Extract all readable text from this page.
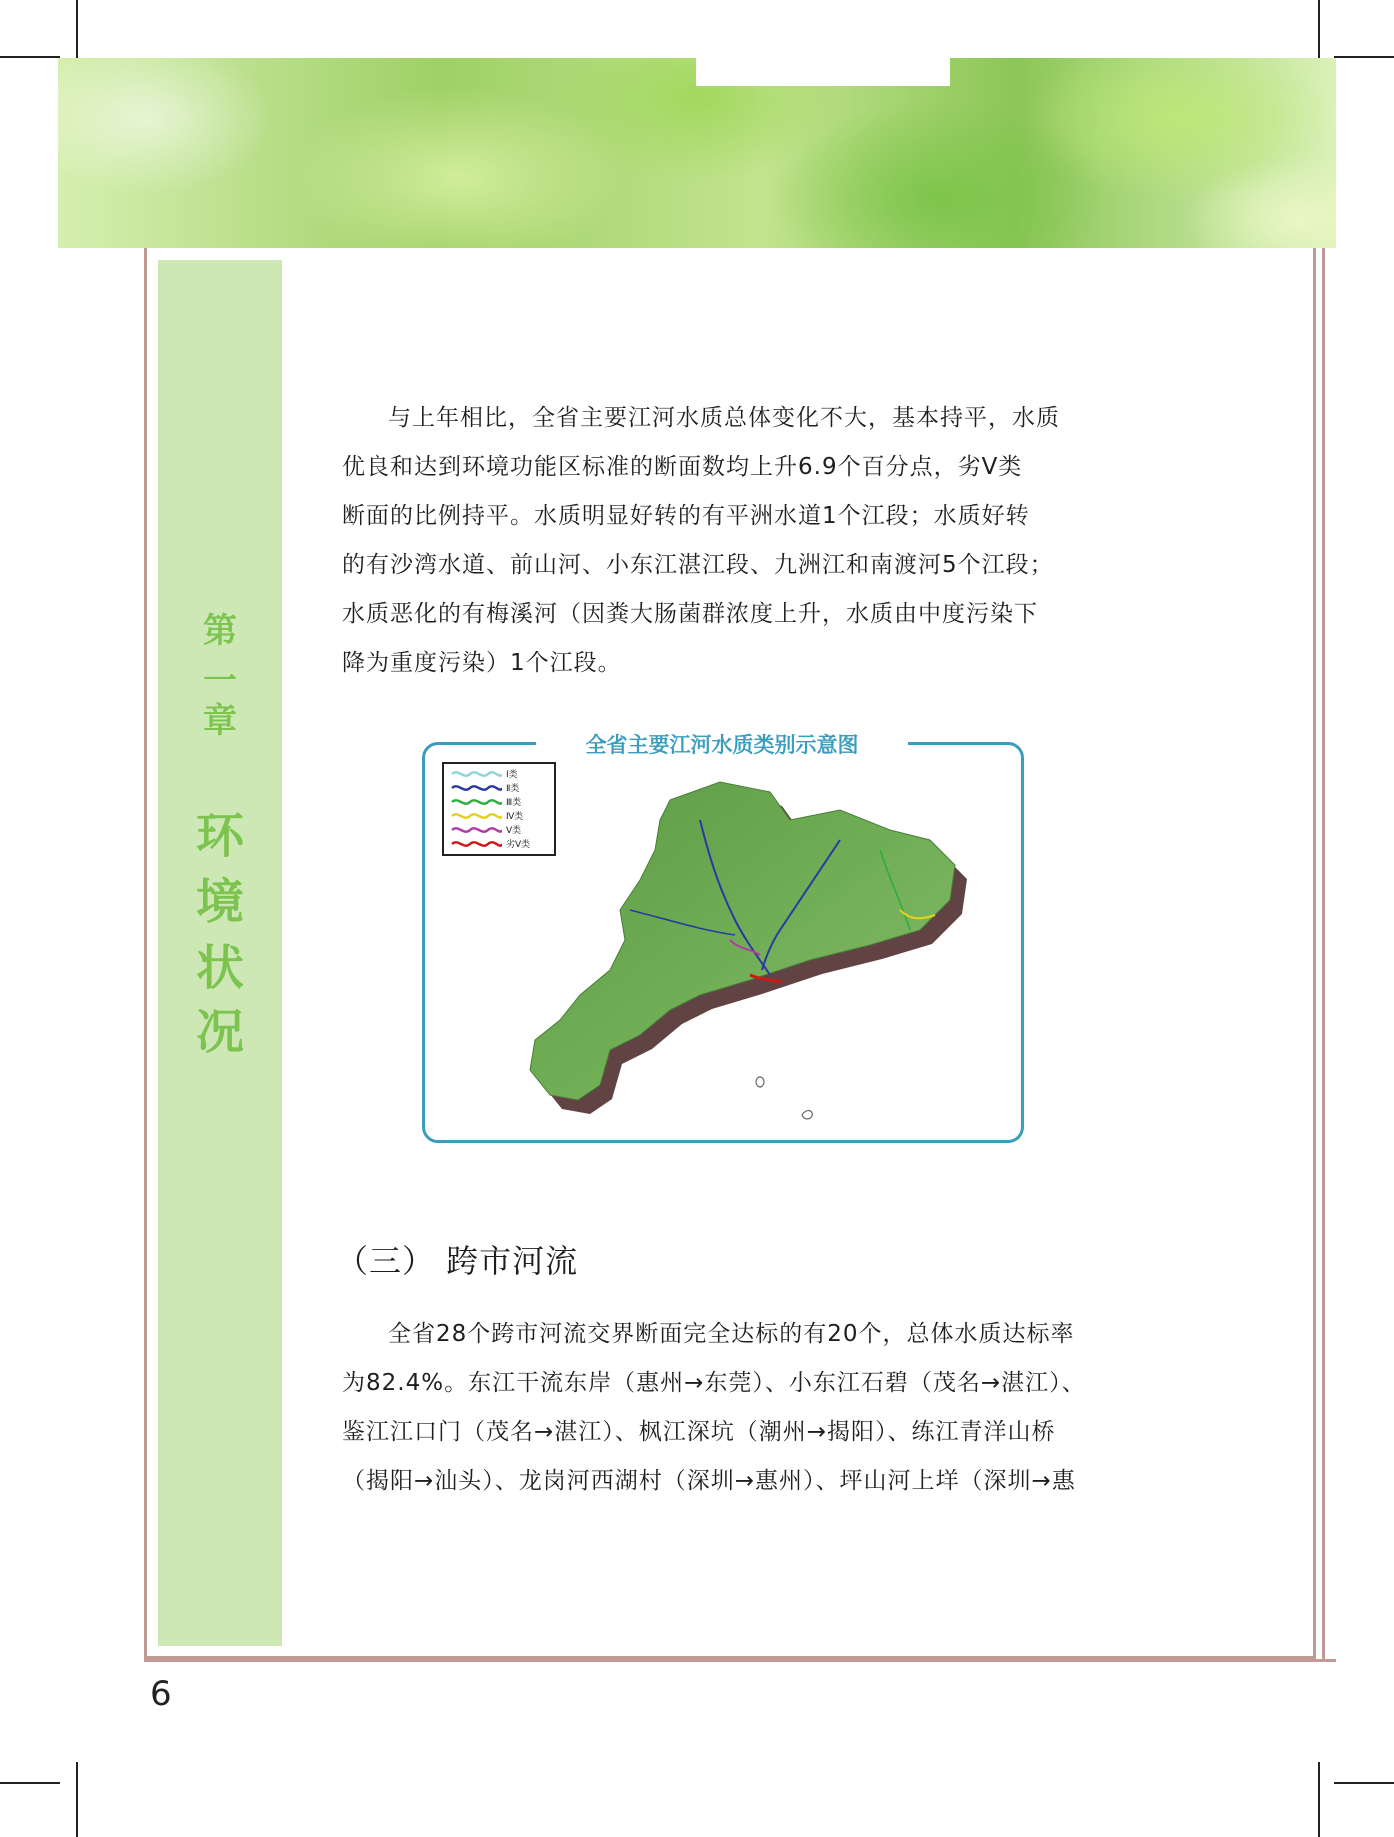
第
一
章
环
境
状
况
与上年相比，全省主要江河水质总体变化不大，基本持平，水质
优良和达到环境功能区标准的断面数均上升6.9个百分点，劣Ⅴ类
断面的比例持平。水质明显好转的有平洲水道1个江段；水质好转
的有沙湾水道、前山河、小东江湛江段、九洲江和南渡河5个江段；
水质恶化的有梅溪河（因粪大肠菌群浓度上升，水质由中度污染下
降为重度污染）1个江段。
全省主要江河水质类别示意图
Ⅰ类
Ⅱ类
Ⅲ类
Ⅳ类
Ⅴ类
劣Ⅴ类
（三） 跨市河流
全省28个跨市河流交界断面完全达标的有20个，总体水质达标率
为82.4%。东江干流东岸（惠州→东莞）、小东江石碧（茂名→湛江）、
鉴江江口门（茂名→湛江）、枫江深坑（潮州→揭阳）、练江青洋山桥
（揭阳→汕头）、龙岗河西湖村（深圳→惠州）、坪山河上垟（深圳→惠
6
